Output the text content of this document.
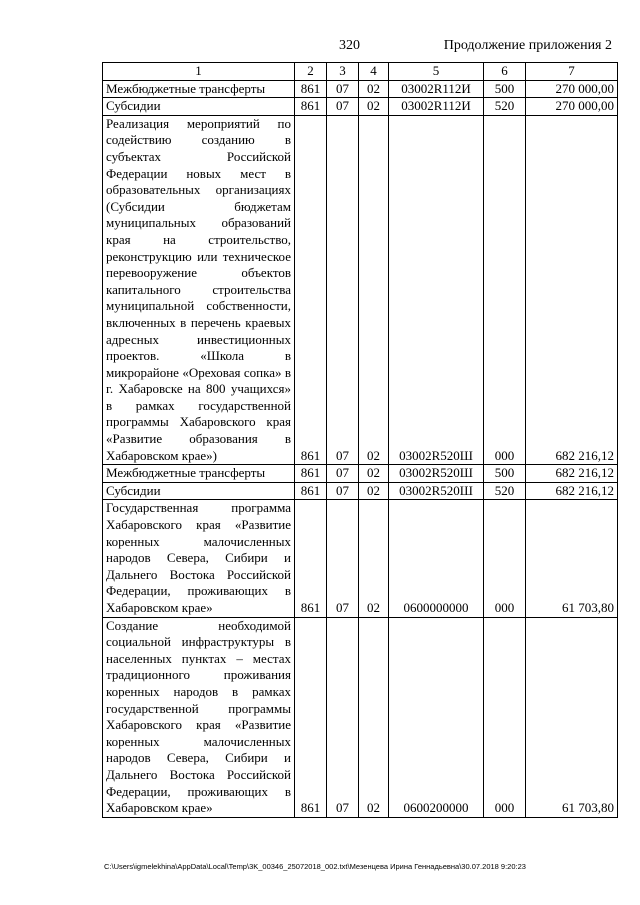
320	Продолжение приложения 2
1	2	3	4	5	6	7
Межбюджетные трансферты	861	07	02	03002R112И	500	270 000,00
Субсидии	861	07	02	03002R112И	520	270 000,00
Реализация мероприятий по содействию созданию в субъектах Российской Федерации новых мест в образовательных организациях (Субсидии бюджетам муниципальных образований края на строительство, реконструкцию или техническое перевооружение объектов капитального строительства муниципальной собственности, включенных в перечень краевых адресных инвестиционных проектов. «Школа в микрорайоне «Ореховая сопка» в г. Хабаровске на 800 учащихся» в рамках государственной программы Хабаровского края «Развитие образования в Хабаровском крае»)	861	07	02	03002R520Ш	000	682 216,12
Межбюджетные трансферты	861	07	02	03002R520Ш	500	682 216,12
Субсидии	861	07	02	03002R520Ш	520	682 216,12
Государственная программа Хабаровского края «Развитие коренных малочисленных народов Севера, Сибири и Дальнего Востока Российской Федерации, проживающих в Хабаровском крае»	861	07	02	0600000000	000	61 703,80
Создание необходимой социальной инфраструктуры в населенных пунктах – местах традиционного проживания коренных народов в рамках государственной программы Хабаровского края «Развитие коренных малочисленных народов Севера, Сибири и Дальнего Востока Российской Федерации, проживающих в Хабаровском крае»	861	07	02	0600200000	000	61 703,80
C:\Users\igmelekhina\AppData\Local\Temp\3K_00346_25072018_002.txt\Мезенцева Ирина Геннадьевна\30.07.2018 9:20:23
